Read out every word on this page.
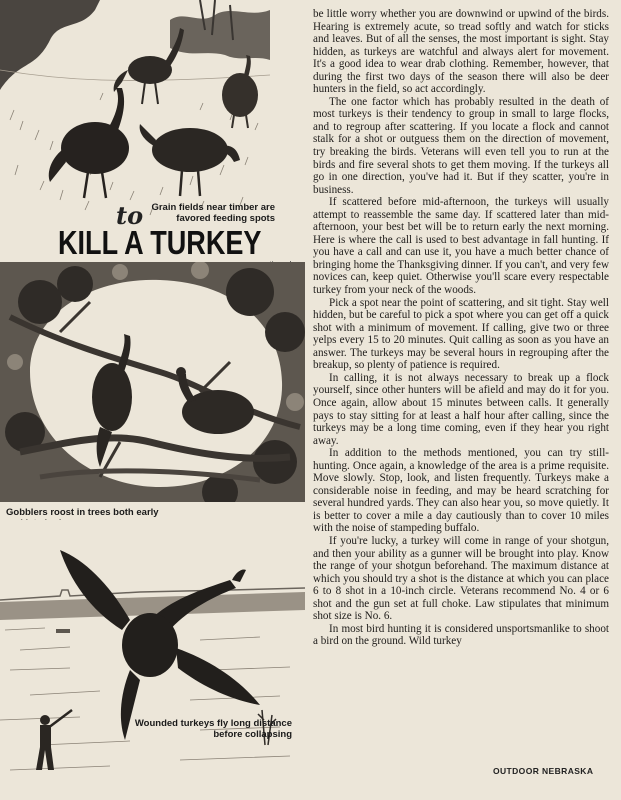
Grain fields near timber are favored feeding spots
to
KILL A TURKEY
Gobblers roost in trees both early
Wounded turkeys fly long distance before collapsing

be little worry whether you are downwind or upwind of the birds. Hearing is extremely acute, so tread softly and watch for sticks and leaves. But of all the senses, the most important is sight. Stay hidden, as turkeys are watchful and always alert for movement. It's a good idea to wear drab clothing. Remember, however, that during the first two days of the season there will also be deer hunters in the field, so act accordingly.

The one factor which has probably resulted in the death of most turkeys is their tendency to group in small to large flocks, and to regroup after scattering. If you locate a flock and cannot stalk for a shot or outguess them on the direction of movement, try breaking the birds. Veterans will even tell you to run at the birds and fire several shots to get them moving. If the turkeys all go in one direction, you've had it. But if they scatter, you're in business.

If scattered before mid-afternoon, the turkeys will usually attempt to reassemble the same day. If scattered later than mid-afternoon, your best bet will be to return early the next morning. Here is where the call is used to best advantage in fall hunting. If you have a call and can use it, you have a much better chance of bringing home the Thanksgiving dinner. If you can't, and very few novices can, keep quiet. Otherwise you'll scare every respectable turkey from your neck of the woods.

Pick a spot near the point of scattering, and sit tight. Stay well hidden, but be careful to pick a spot where you can get off a quick shot with a minimum of movement. If calling, give two or three yelps every 15 to 20 minutes. Quit calling as soon as you have an answer. The turkeys may be several hours in regrouping after the breakup, so plenty of patience is required.

In calling, it is not always necessary to break up a flock yourself, since other hunters will be afield and may do it for you. Once again, allow about 15 minutes between calls. It generally pays to stay sitting for at least a half hour after calling, since the turkeys may be a long time coming, even if they hear you right away.

In addition to the methods mentioned, you can try still-hunting. Once again, a knowledge of the area is a prime requisite. Move slowly. Stop, look, and listen frequently. Turkeys make a considerable noise in feeding, and may be heard scratching for several hundred yards. They can also hear you, so move quietly. It is better to cover a mile a day cautiously than to cover 10 miles with the noise of stampeding buffalo.

If you're lucky, a turkey will come in range of your shotgun, and then your ability as a gunner will be brought into play. Know the range of your shotgun beforehand. The maximum distance at which you should try a shot is the distance at which you can place 6 to 8 shot in a 10-inch circle. Veterans recommend No. 4 or 6 shot and the gun set at full choke. Law stipulates that minimum shot size is No. 6.

In most bird hunting it is considered unsportsmanlike to shoot a bird on the ground. Wild turkey

OUTDOOR NEBRASKA
